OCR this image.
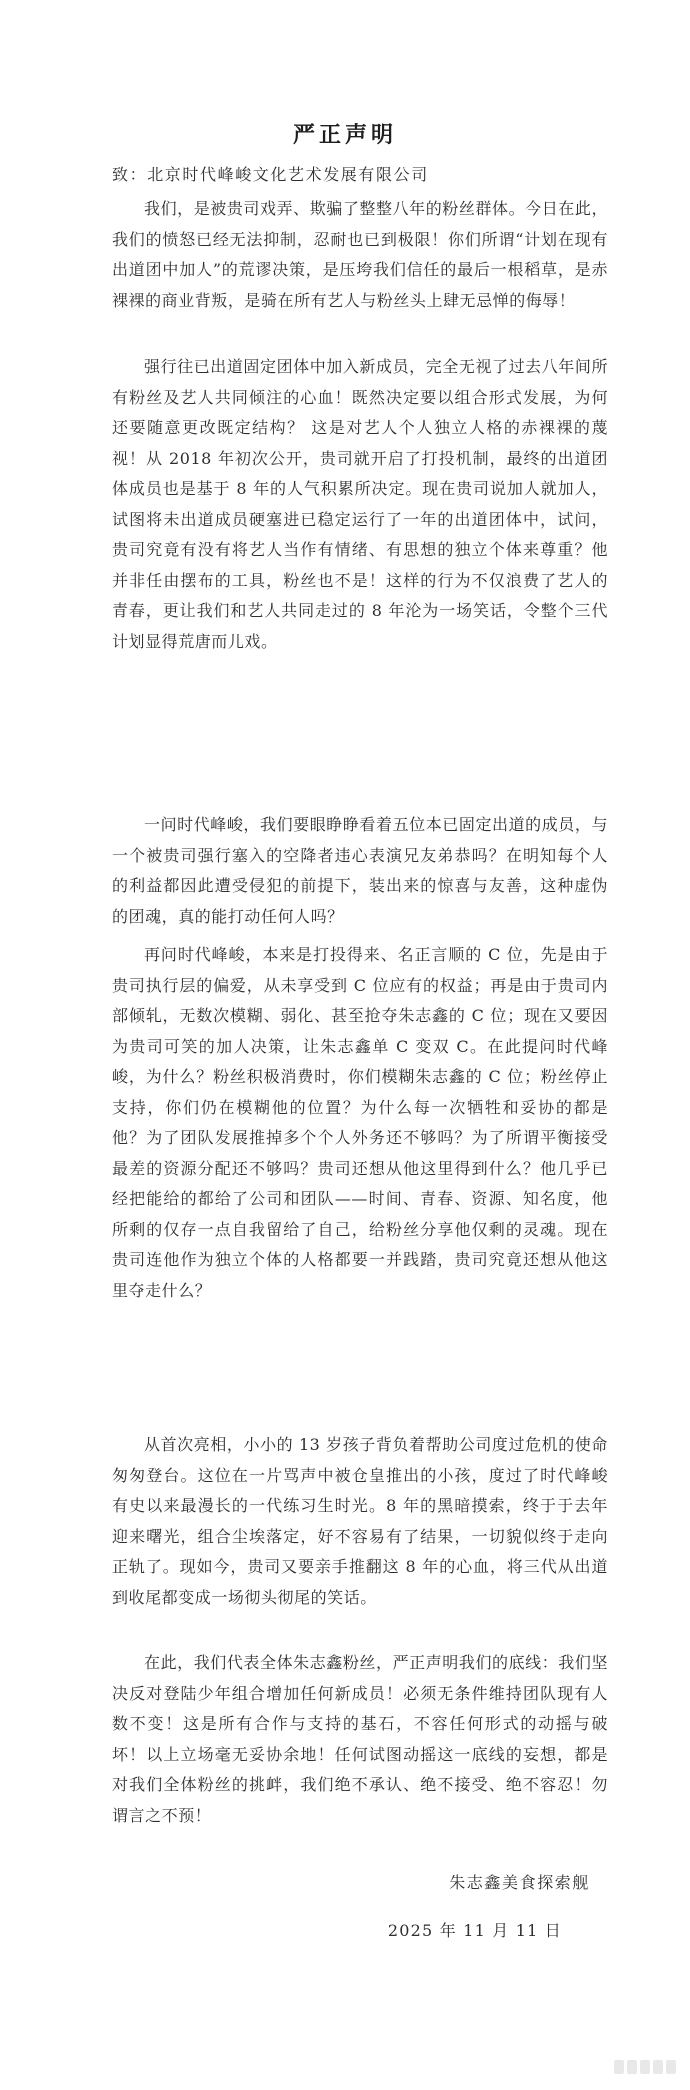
严正声明
致：北京时代峰峻文化艺术发展有限公司

我们，是被贵司戏弄、欺骗了整整八年的粉丝群体。今日在此，我们的愤怒已经无法抑制，忍耐也已到极限！你们所谓“计划在现有出道团中加人”的荒谬决策，是压垮我们信任的最后一根稻草，是赤裸裸的商业背叛，是骑在所有艺人与粉丝头上肆无忌惮的侮辱！

强行往已出道固定团体中加入新成员，完全无视了过去八年间所有粉丝及艺人共同倾注的心血！既然决定要以组合形式发展，为何还要随意更改既定结构？ 这是对艺人个人独立人格的赤裸裸的蔑视！从 2018 年初次公开，贵司就开启了打投机制，最终的出道团体成员也是基于 8 年的人气积累所决定。现在贵司说加人就加人，试图将未出道成员硬塞进已稳定运行了一年的出道团体中，试问，贵司究竟有没有将艺人当作有情绪、有思想的独立个体来尊重？他并非任由摆布的工具，粉丝也不是！这样的行为不仅浪费了艺人的青春，更让我们和艺人共同走过的 8 年沦为一场笑话，令整个三代计划显得荒唐而儿戏。

一问时代峰峻，我们要眼睁睁看着五位本已固定出道的成员，与一个被贵司强行塞入的空降者违心表演兄友弟恭吗？在明知每个人的利益都因此遭受侵犯的前提下，装出来的惊喜与友善，这种虚伪的团魂，真的能打动任何人吗？

再问时代峰峻，本来是打投得来、名正言顺的 C 位，先是由于贵司执行层的偏爱，从未享受到 C 位应有的权益；再是由于贵司内部倾轧，无数次模糊、弱化、甚至抢夺朱志鑫的 C 位；现在又要因为贵司可笑的加人决策，让朱志鑫单 C 变双 C。在此提问时代峰峻，为什么？粉丝积极消费时，你们模糊朱志鑫的 C 位；粉丝停止支持，你们仍在模糊他的位置？为什么每一次牺牲和妥协的都是他？为了团队发展推掉多个个人外务还不够吗？为了所谓平衡接受最差的资源分配还不够吗？贵司还想从他这里得到什么？他几乎已经把能给的都给了公司和团队——时间、青春、资源、知名度，他所剩的仅存一点自我留给了自己，给粉丝分享他仅剩的灵魂。现在贵司连他作为独立个体的人格都要一并践踏，贵司究竟还想从他这里夺走什么？

从首次亮相，小小的 13 岁孩子背负着帮助公司度过危机的使命匆匆登台。这位在一片骂声中被仓皇推出的小孩，度过了时代峰峻有史以来最漫长的一代练习生时光。8 年的黑暗摸索，终于于去年迎来曙光，组合尘埃落定，好不容易有了结果，一切貌似终于走向正轨了。现如今，贵司又要亲手推翻这 8 年的心血，将三代从出道到收尾都变成一场彻头彻尾的笑话。

在此，我们代表全体朱志鑫粉丝，严正声明我们的底线：我们坚决反对登陆少年组合增加任何新成员！必须无条件维持团队现有人数不变！这是所有合作与支持的基石，不容任何形式的动摇与破坏！以上立场毫无妥协余地！任何试图动摇这一底线的妄想，都是对我们全体粉丝的挑衅，我们绝不承认、绝不接受、绝不容忍！勿谓言之不预！

朱志鑫美食探索舰
2025 年 11 月 11 日
